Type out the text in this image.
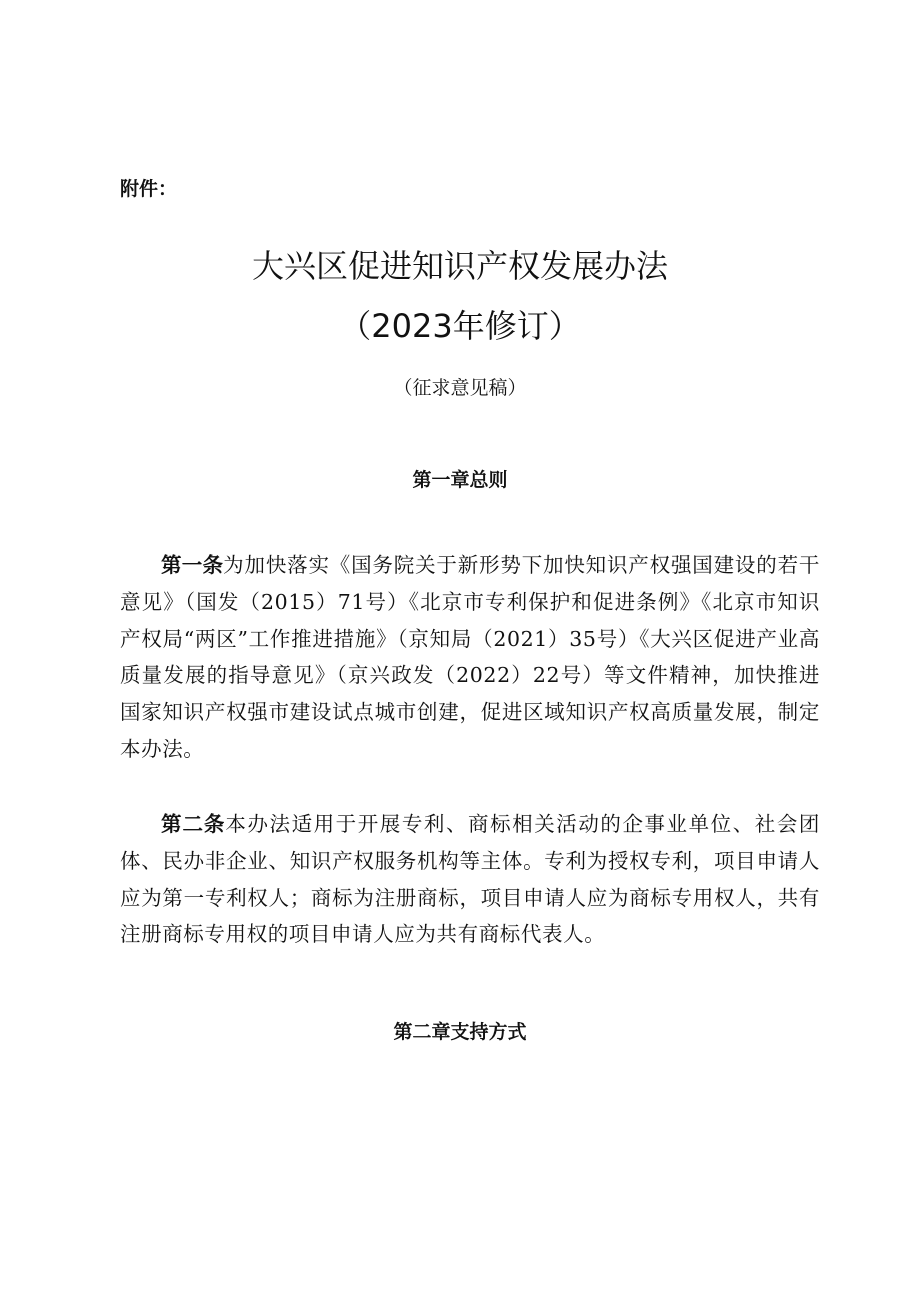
附件：
大兴区促进知识产权发展办法
（2023年修订）
（征求意见稿）
第一章总则

第一条为加快落实《国务院关于新形势下加快知识产权强国建设的若干意见》（国发（2015）71号）《北京市专利保护和促进条例》《北京市知识产权局“两区”工作推进措施》（京知局（2021）35号）《大兴区促进产业高质量发展的指导意见》（京兴政发（2022）22号）等文件精神，加快推进国家知识产权强市建设试点城市创建，促进区域知识产权高质量发展，制定本办法。

第二条本办法适用于开展专利、商标相关活动的企事业单位、社会团体、民办非企业、知识产权服务机构等主体。专利为授权专利，项目申请人应为第一专利权人；商标为注册商标，项目申请人应为商标专用权人，共有注册商标专用权的项目申请人应为共有商标代表人。

第二章支持方式
